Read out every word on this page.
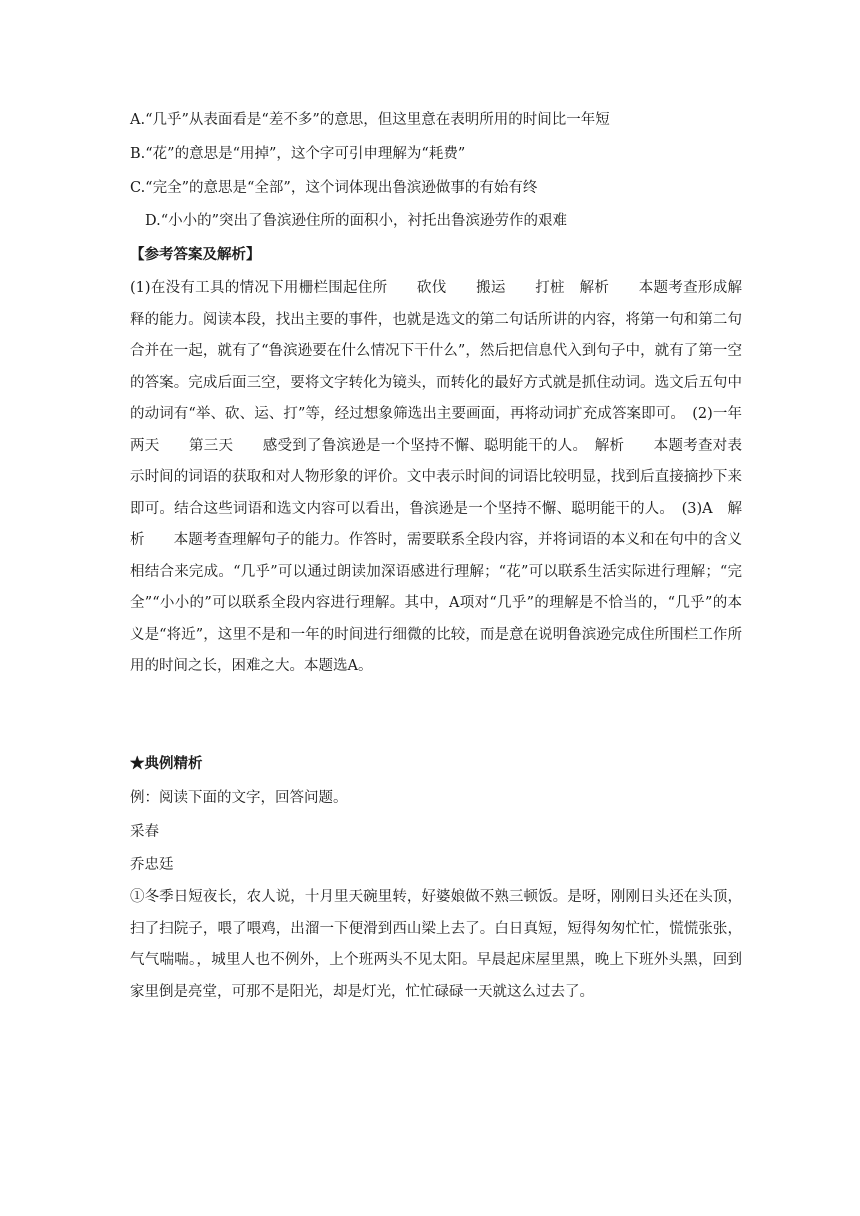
A.“几乎”从表面看是“差不多”的意思，但这里意在表明所用的时间比一年短
B.“花”的意思是“用掉”，这个字可引申理解为“耗费”
C.“完全”的意思是“全部”，这个词体现出鲁滨逊做事的有始有终
D.“小小的”突出了鲁滨逊住所的面积小，衬托出鲁滨逊劳作的艰难
【参考答案及解析】
(1)在没有工具的情况下用栅栏围起住所　　砍伐　　搬运　　打桩　解析　　本题考查形成解释的能力。阅读本段，找出主要的事件，也就是选文的第二句话所讲的内容，将第一句和第二句合并在一起，就有了“鲁滨逊要在什么情况下干什么”，然后把信息代入到句子中，就有了第一空的答案。完成后面三空，要将文字转化为镜头，而转化的最好方式就是抓住动词。选文后五句中的动词有“举、砍、运、打”等，经过想象筛选出主要画面，再将动词扩充成答案即可。　(2)一年　　两天　　第三天　　感受到了鲁滨逊是一个坚持不懈、聪明能干的人。　解析　　本题考查对表示时间的词语的获取和对人物形象的评价。文中表示时间的词语比较明显，找到后直接摘抄下来即可。结合这些词语和选文内容可以看出，鲁滨逊是一个坚持不懈、聪明能干的人。　(3)A　解析　　本题考查理解句子的能力。作答时，需要联系全段内容，并将词语的本义和在句中的含义相结合来完成。“几乎”可以通过朗读加深语感进行理解；“花”可以联系生活实际进行理解；“完全”“小小的”可以联系全段内容进行理解。其中，A项对“几乎”的理解是不恰当的，“几乎”的本义是“将近”，这里不是和一年的时间进行细微的比较，而是意在说明鲁滨逊完成住所围栏工作所用的时间之长，困难之大。本题选A。
★典例精析
例：阅读下面的文字，回答问题。
采春
乔忠廷
①冬季日短夜长，农人说，十月里天碗里转，好婆娘做不熟三顿饭。是呀，刚刚日头还在头顶，扫了扫院子，喂了喂鸡，出溜一下便滑到西山梁上去了。白日真短，短得匆匆忙忙，慌慌张张，气气喘喘。，城里人也不例外，上个班两头不见太阳。早晨起床屋里黑，晚上下班外头黑，回到家里倒是亮堂，可那不是阳光，却是灯光，忙忙碌碌一天就这么过去了。
